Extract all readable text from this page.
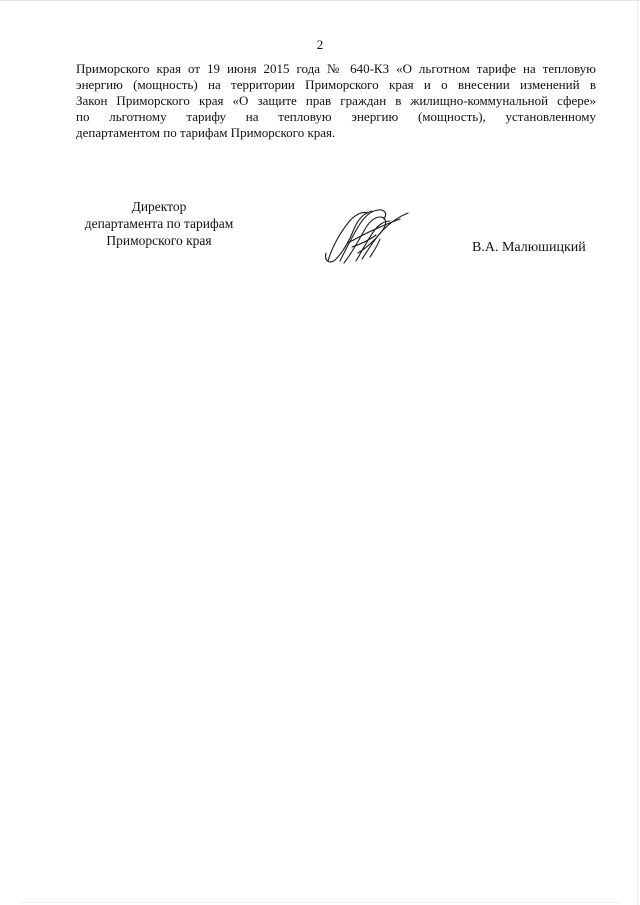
2
Приморского края от 19 июня 2015 года № 640-КЗ «О льготном тарифе на тепловую
энергию (мощность) на территории Приморского края и о внесении изменений в
Закон Приморского края «О защите прав граждан в жилищно-коммунальной сфере»
по льготному тарифу на тепловую энергию (мощность), установленному
департаментом по тарифам Приморского края.
Директор
департамента по тарифам
Приморского края	В.А. Малюшицкий
